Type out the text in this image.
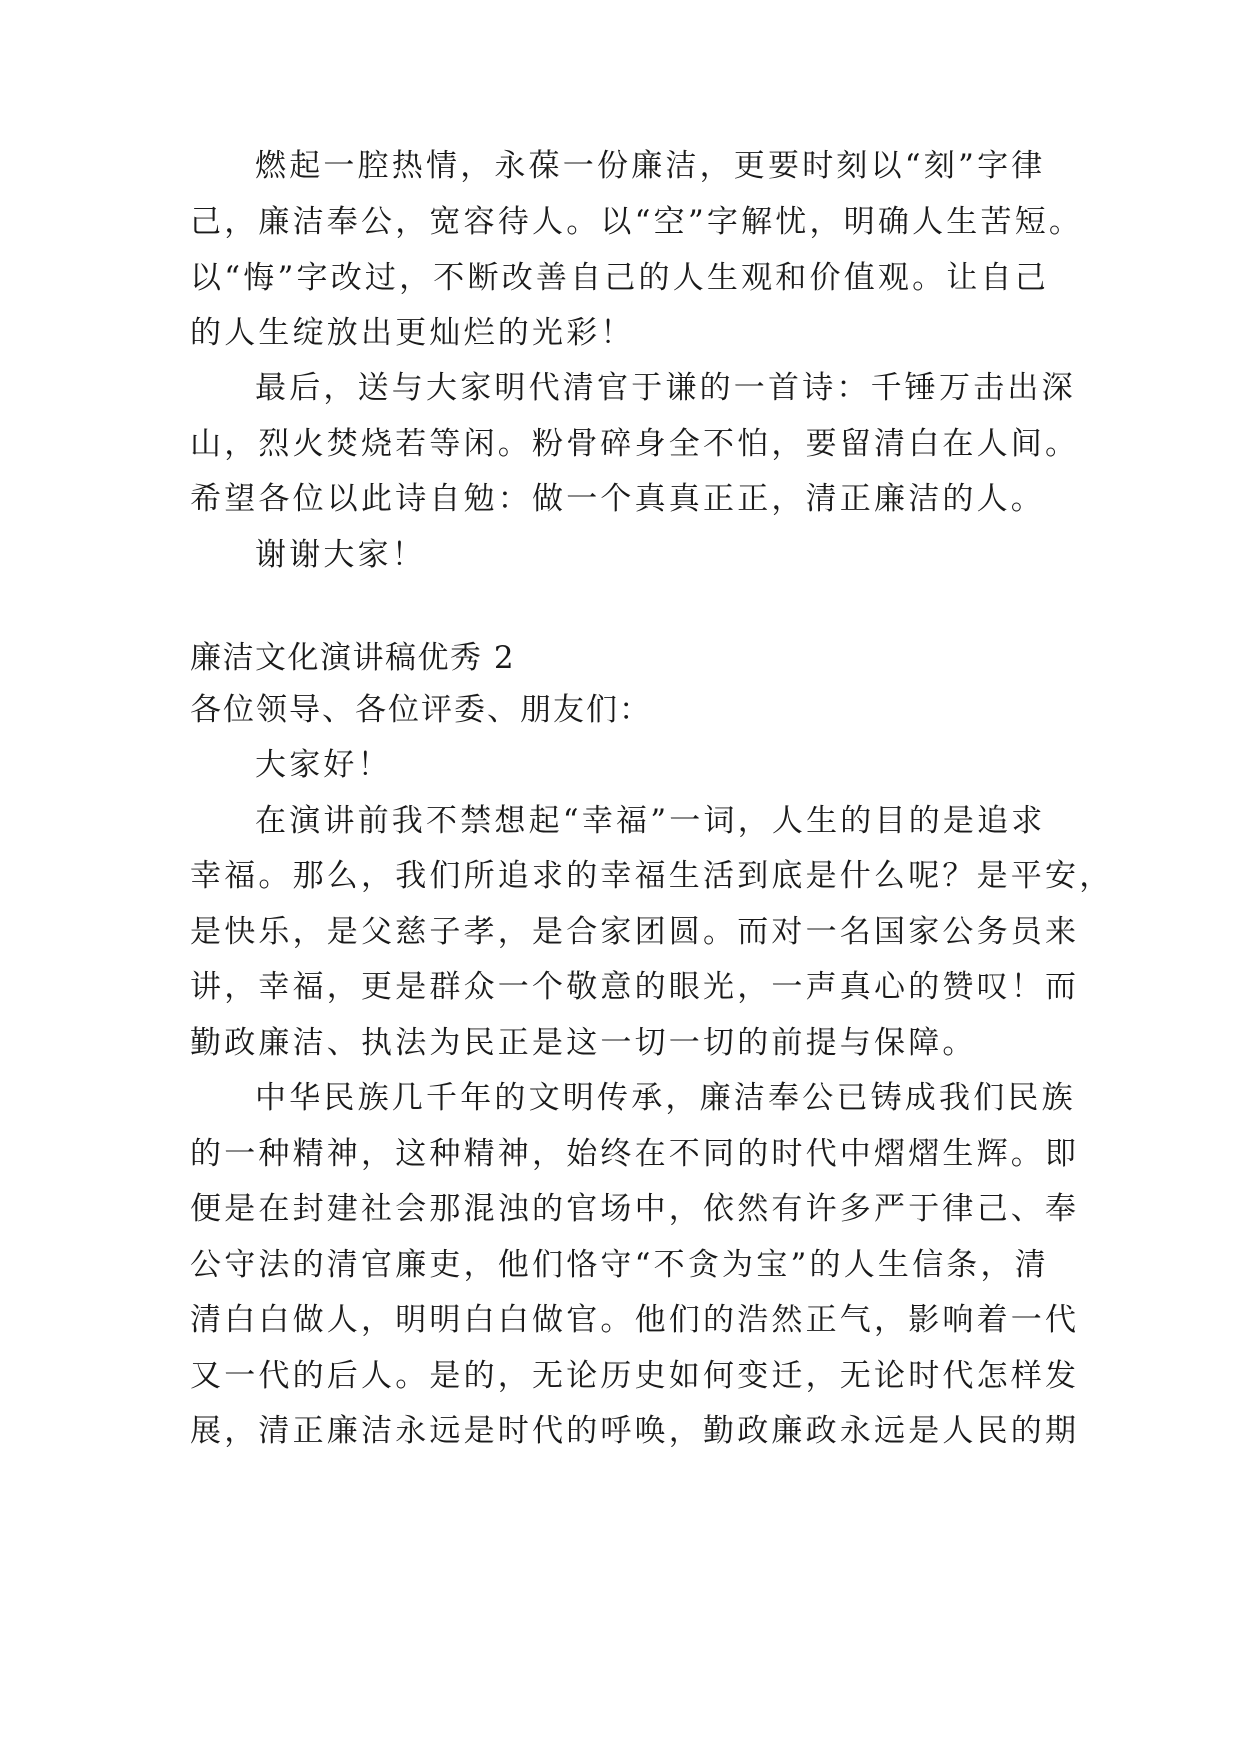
燃起一腔热情，永葆一份廉洁，更要时刻以“刻”字律
己，廉洁奉公，宽容待人。以“空”字解忧，明确人生苦短。
以“悔”字改过，不断改善自己的人生观和价值观。让自己
的人生绽放出更灿烂的光彩！
最后，送与大家明代清官于谦的一首诗：千锤万击出深
山，烈火焚烧若等闲。粉骨碎身全不怕，要留清白在人间。
希望各位以此诗自勉：做一个真真正正，清正廉洁的人。
谢谢大家！
廉洁文化演讲稿优秀 2
各位领导、各位评委、朋友们：
大家好！
在演讲前我不禁想起“幸福”一词，人生的目的是追求
幸福。那么，我们所追求的幸福生活到底是什么呢？是平安，
是快乐，是父慈子孝，是合家团圆。而对一名国家公务员来
讲，幸福，更是群众一个敬意的眼光，一声真心的赞叹！而
勤政廉洁、执法为民正是这一切一切的前提与保障。
中华民族几千年的文明传承，廉洁奉公已铸成我们民族
的一种精神，这种精神，始终在不同的时代中熠熠生辉。即
便是在封建社会那混浊的官场中，依然有许多严于律己、奉
公守法的清官廉吏，他们恪守“不贪为宝”的人生信条，清
清白白做人，明明白白做官。他们的浩然正气，影响着一代
又一代的后人。是的，无论历史如何变迁，无论时代怎样发
展，清正廉洁永远是时代的呼唤，勤政廉政永远是人民的期
